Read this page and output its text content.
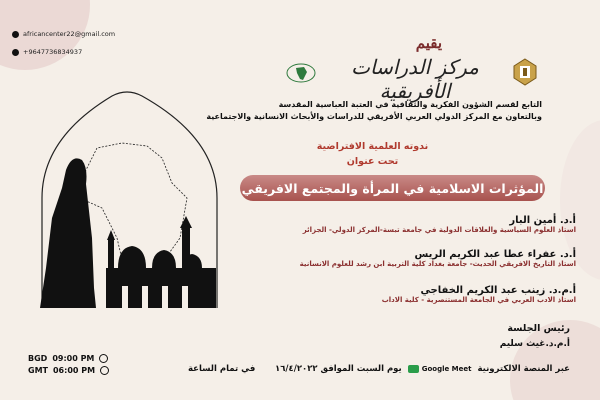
africancenter22@gmail.com
+9647736834937	يقيم
مركز الدراسات الأفريقية
التابع لقسم الشؤون الفكرية والثقافية في العتبة العباسية المقدسة
وبالتعاون مع المركز الدولي العربي الأفريقي للدراسات والأبحاث الانسانية والاجتماعية
ندوته العلمية الافتراضية
تحت عنوان
المؤثرات الاسلامية في المرأة والمجتمع الافريقي
أ.د. أمين البار
استاذ العلوم السياسية والعلاقات الدولية في جامعة تبسة-المركز الدولي- الجزائر
أ.د. عفراء عطا عبد الكريم الريس
استاذ التاريخ الافريقي الحديث- جامعة بغداد كلية التربية ابن رشد للعلوم الانسانية
أ.م.د. زينب عبد الكريم الخفاجي
استاذ الادب العربي في الجامعة المستنصرية - كلية الاداب
رئيس الجلسة
أ.م.د.غيث سليم
عبر المنصة الالكترونية
Google Meet
يوم السبت الموافق ١٦/٤/٢٠٢٢
في تمام الساعة
BGD 09:00 PM
GMT 06:00 PM
